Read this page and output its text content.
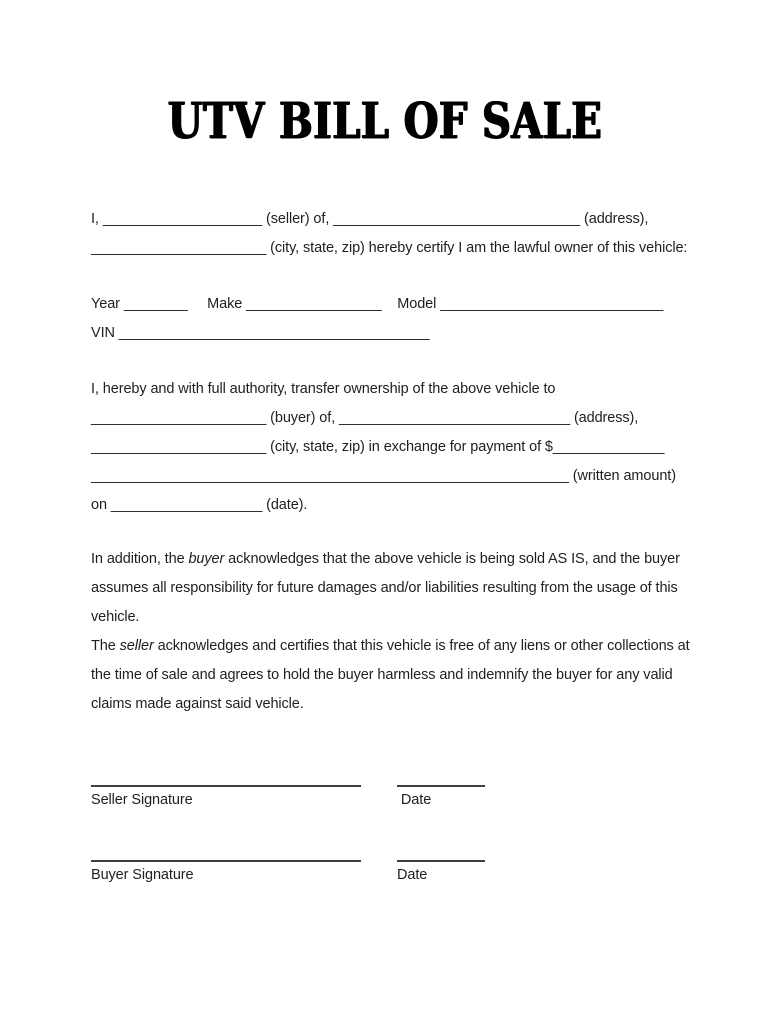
UTV BILL OF SALE
I, ____________________ (seller) of, _______________________________ (address),
______________________ (city, state, zip) hereby certify I am the lawful owner of this vehicle:
Year ________     Make _________________    Model ____________________________
VIN _______________________________________
I, hereby and with full authority, transfer ownership of the above vehicle to
______________________ (buyer) of, _____________________________ (address),
______________________ (city, state, zip) in exchange for payment of $______________
____________________________________________________________ (written amount)
on ___________________ (date).
In addition, the buyer acknowledges that the above vehicle is being sold AS IS, and the buyer
assumes all responsibility for future damages and/or liabilities resulting from the usage of this
vehicle.
The seller acknowledges and certifies that this vehicle is free of any liens or other collections at
the time of sale and agrees to hold the buyer harmless and indemnify the buyer for any valid
claims made against said vehicle.
Seller Signature	Date
Buyer Signature	Date
